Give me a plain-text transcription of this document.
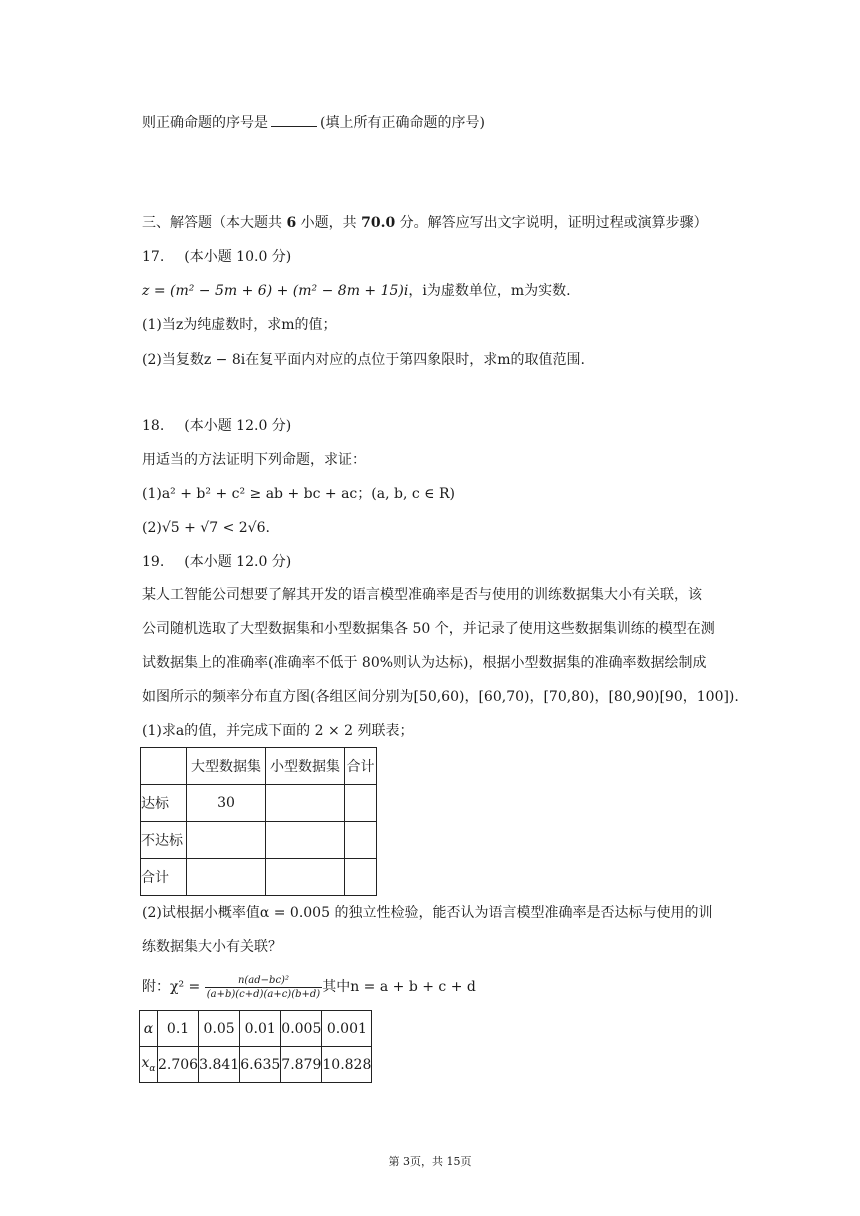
则正确命题的序号是	(填上所有正确命题的序号)
三、解答题（本大题共 6 小题，共 70.0 分。解答应写出文字说明，证明过程或演算步骤）
17. (本小题 10.0 分)
z = (m² − 5m + 6) + (m² − 8m + 15)i，i为虚数单位，m为实数.
(1)当z为纯虚数时，求m的值；
(2)当复数z − 8i在复平面内对应的点位于第四象限时，求m的取值范围.
18. (本小题 12.0 分)
用适当的方法证明下列命题，求证：
(1)a² + b² + c² ≥ ab + bc + ac；(a, b, c ∈ R)
(2)√5 + √7 < 2√6.
19. (本小题 12.0 分)
某人工智能公司想要了解其开发的语言模型准确率是否与使用的训练数据集大小有关联，该
公司随机选取了大型数据集和小型数据集各 50 个，并记录了使用这些数据集训练的模型在测
试数据集上的准确率(准确率不低于 80%则认为达标)，根据小型数据集的准确率数据绘制成
如图所示的频率分布直方图(各组区间分别为[50,60)，[60,70)，[70,80)，[80,90)[90，100]).
(1)求a的值，并完成下面的 2 × 2 列联表；
	大型数据集	小型数据集	合计
达标	30		
不达标			
合计			
(2)试根据小概率值α = 0.005 的独立性检验，能否认为语言模型准确率是否达标与使用的训
练数据集大小有关联？
附：$\chi^2 = \frac{\text{n(ad−bc)²}}{(a+b)(c+d)(a+c)(b+d)}$ 其中n = a + b + c + d
α	0.1	0.05	0.01	0.005	0.001
$x_\alpha$	2.706	3.841	6.635	7.879	10.828
第 3页，共 15页
